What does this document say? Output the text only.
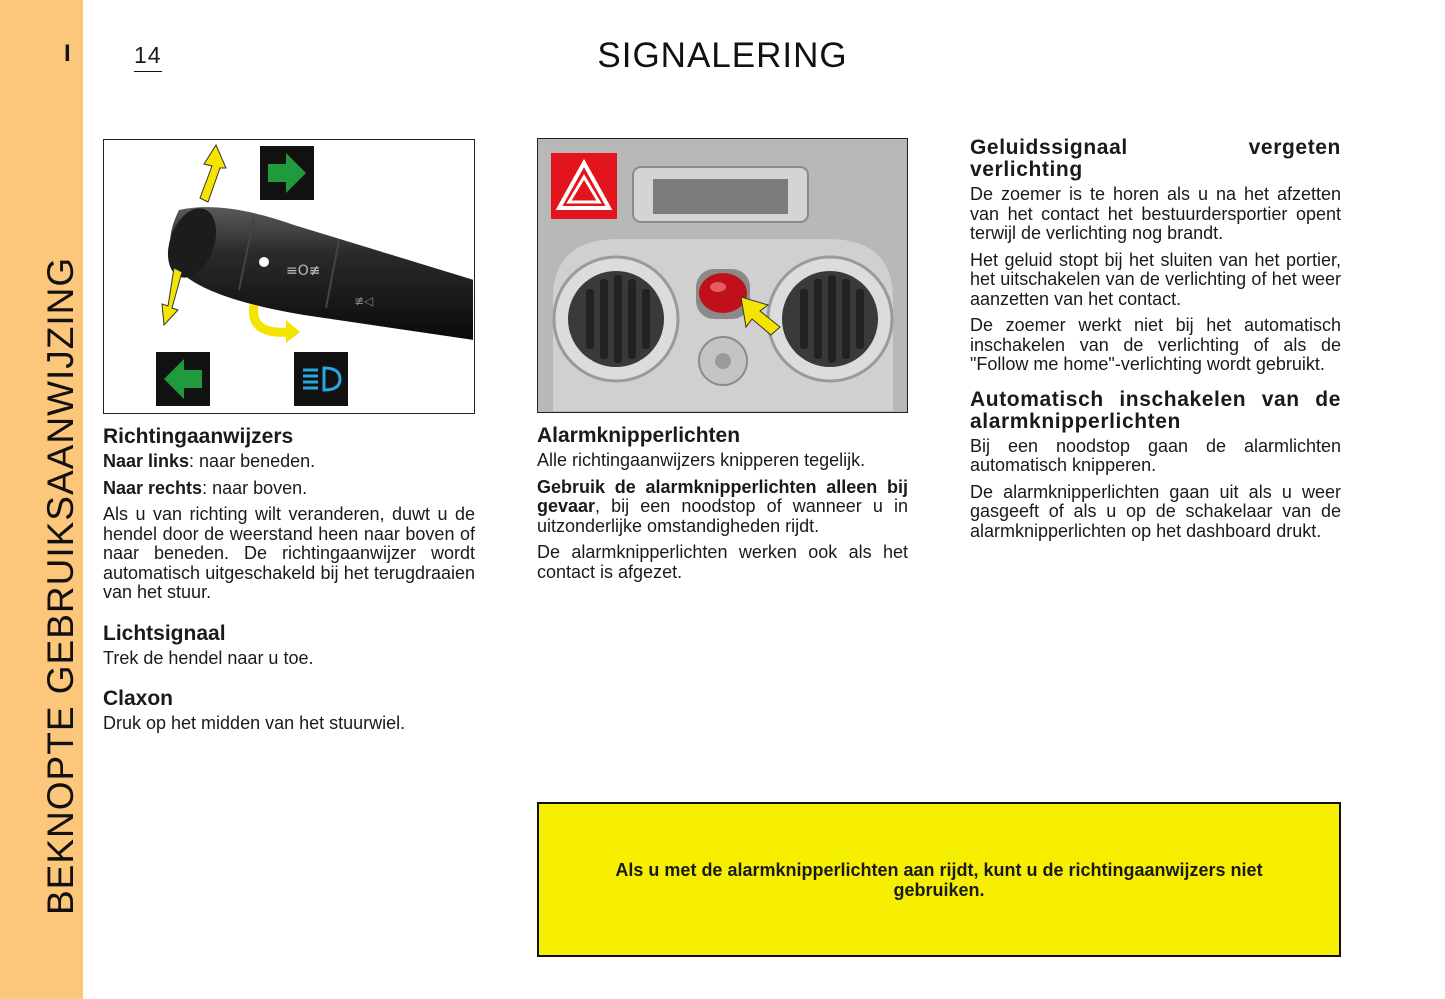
I
BEKNOPTE GEBRUIKSAANWIJZING
14	SIGNALERING
≡O≢
≢◁
Richtingaanwijzers

Naar links: naar beneden.

Naar rechts: naar boven.

Als u van richting wilt veranderen, duwt u de hendel door de weerstand heen naar boven of naar beneden. De richtingaanwijzer wordt automatisch uitgeschakeld bij het terugdraaien van het stuur.

Lichtsignaal

Trek de hendel naar u toe.

Claxon

Druk op het midden van het stuurwiel.

Alarmknipperlichten

Alle richtingaanwijzers knipperen tegelijk.

Gebruik de alarmknipperlichten alleen bij gevaar, bij een noodstop of wanneer u in uitzonderlijke omstandigheden rijdt.

De alarmknipperlichten werken ook als het contact is afgezet.

Geluidssignaal vergeten verlichting

De zoemer is te horen als u na het afzetten van het contact het bestuurdersportier opent terwijl de verlichting nog brandt.

Het geluid stopt bij het sluiten van het portier, het uitschakelen van de verlichting of het weer aanzetten van het contact.

De zoemer werkt niet bij het automatisch inschakelen van de verlichting of als de "Follow me home"-verlichting wordt gebruikt.

Automatisch inschakelen van de alarmknipperlichten

Bij een noodstop gaan de alarmlichten automatisch knipperen.

De alarmknipperlichten gaan uit als u weer gasgeeft of als u op de schakelaar van de alarmknipperlichten op het dashboard drukt.

Als u met de alarmknipperlichten aan rijdt, kunt u de richtingaanwijzers niet gebruiken.
